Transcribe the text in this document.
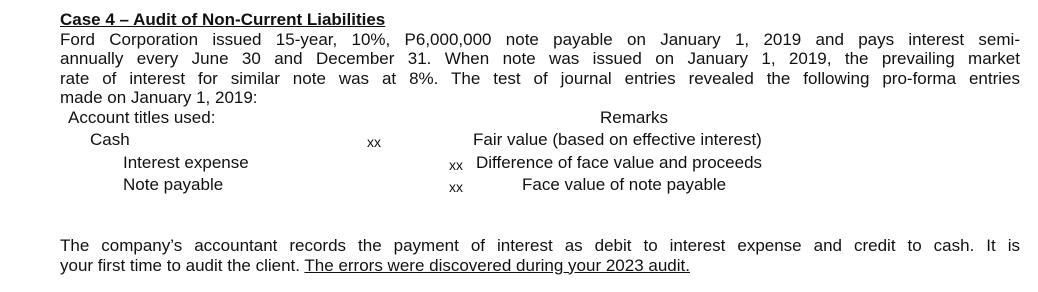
Case 4 – Audit of Non-Current Liabilities

Ford Corporation issued 15-year, 10%, P6,000,000 note payable on January 1, 2019 and pays interest semi-
annually every June 30 and December 31. When note was issued on January 1, 2019, the prevailing market
rate of interest for similar note was at 8%. The test of journal entries revealed the following pro-forma entries
made on January 1, 2019:

Account titles used:	Remarks
Cash	xx	Fair value (based on effective interest)
Interest expense	xx Difference of face value and proceeds
Note payable	xx	Face value of note payable
The company’s accountant records the payment of interest as debit to interest expense and credit to cash. It is
your first time to audit the client. The errors were discovered during your 2023 audit.
